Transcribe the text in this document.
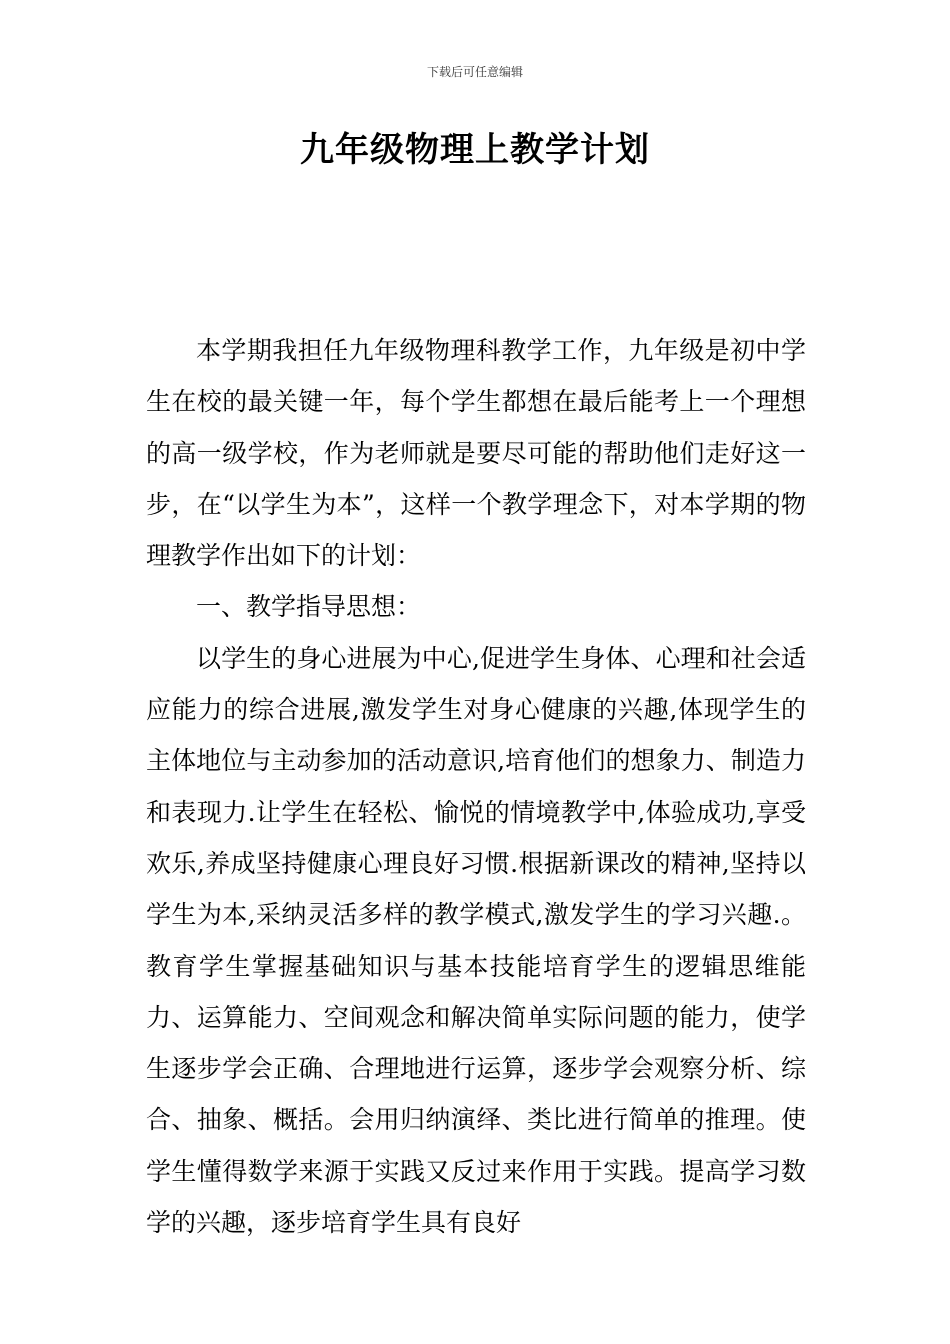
下载后可任意编辑
九年级物理上教学计划

本学期我担任九年级物理科教学工作，九年级是初中学生在校的最关键一年，每个学生都想在最后能考上一个理想的高一级学校，作为老师就是要尽可能的帮助他们走好这一步，在“以学生为本”，这样一个教学理念下，对本学期的物理教学作出如下的计划：

一、教学指导思想：

以学生的身心进展为中心,促进学生身体、心理和社会适应能力的综合进展,激发学生对身心健康的兴趣,体现学生的主体地位与主动参加的活动意识,培育他们的想象力、制造力和表现力.让学生在轻松、愉悦的情境教学中,体验成功,享受欢乐,养成坚持健康心理良好习惯.根据新课改的精神,坚持以学生为本,采纳灵活多样的教学模式,激发学生的学习兴趣.。教育学生掌握基础知识与基本技能培育学生的逻辑思维能力、运算能力、空间观念和解决简单实际问题的能力，使学生逐步学会正确、合理地进行运算，逐步学会观察分析、综合、抽象、概括。会用归纳演绎、类比进行简单的推理。使学生懂得数学来源于实践又反过来作用于实践。提高学习数学的兴趣，逐步培育学生具有良好
